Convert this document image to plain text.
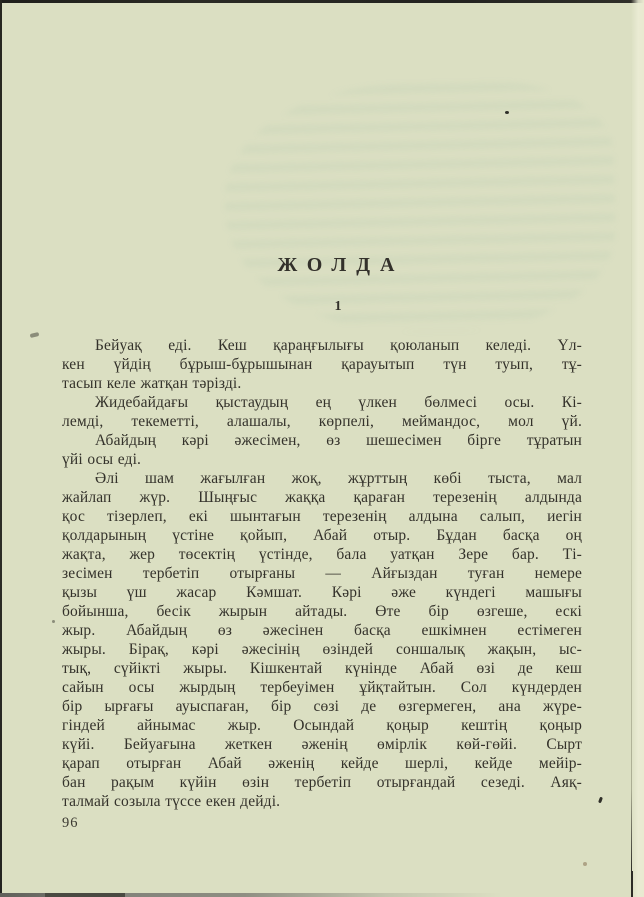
ЖОЛДА
1
Бейуақ еді. Кеш қараңғылығы қоюланып келеді. Үл-
кен үйдің бұрыш-бұрышынан қарауытып түн туып, тұ-
тасып келе жатқан тәрізді.
Жидебайдағы қыстаудың ең үлкен бөлмесі осы. Кі-
лемді, текеметті, алашалы, көрпелі, меймандос, мол үй.
Абайдың кәрі әжесімен, өз шешесімен бірге тұратын
үйі осы еді.
Әлі шам жағылған жоқ, жұрттың көбі тыста, мал
жайлап жүр. Шыңғыс жаққа қараған терезенің алдында
қос тізерлеп, екі шынтағын терезенің алдына салып, иегін
қолдарының үстіне қойып, Абай отыр. Бұдан басқа оң
жақта, жер төсектің үстінде, бала уатқан Зере бар. Ті-
зесімен тербетіп отырғаны — Айғыздан туған немере
қызы үш жасар Кәмшат. Кәрі әже күндегі машығы
бойынша, бесік жырын айтады. Өте бір өзгеше, ескі
жыр. Абайдың өз әжесінен басқа ешкімнен естімеген
жыры. Бірақ, кәрі әжесінің өзіндей соншалық жақын, ыс-
тық, сүйікті жыры. Кішкентай күнінде Абай өзі де кеш
сайын осы жырдың тербеуімен ұйқтайтын. Сол күндерден
бір ырғағы ауыспаған, бір сөзі де өзгермеген, ана жүре-
гіндей айнымас жыр. Осындай қоңыр кештің қоңыр
күйі. Бейуағына жеткен әженің өмірлік көй-гөйі. Сырт
қарап отырған Абай әженің кейде шерлі, кейде мейір-
бан рақым күйін өзін тербетіп отырғандай сезеді. Аяқ-
талмай созыла түссе екен дейді.
96
